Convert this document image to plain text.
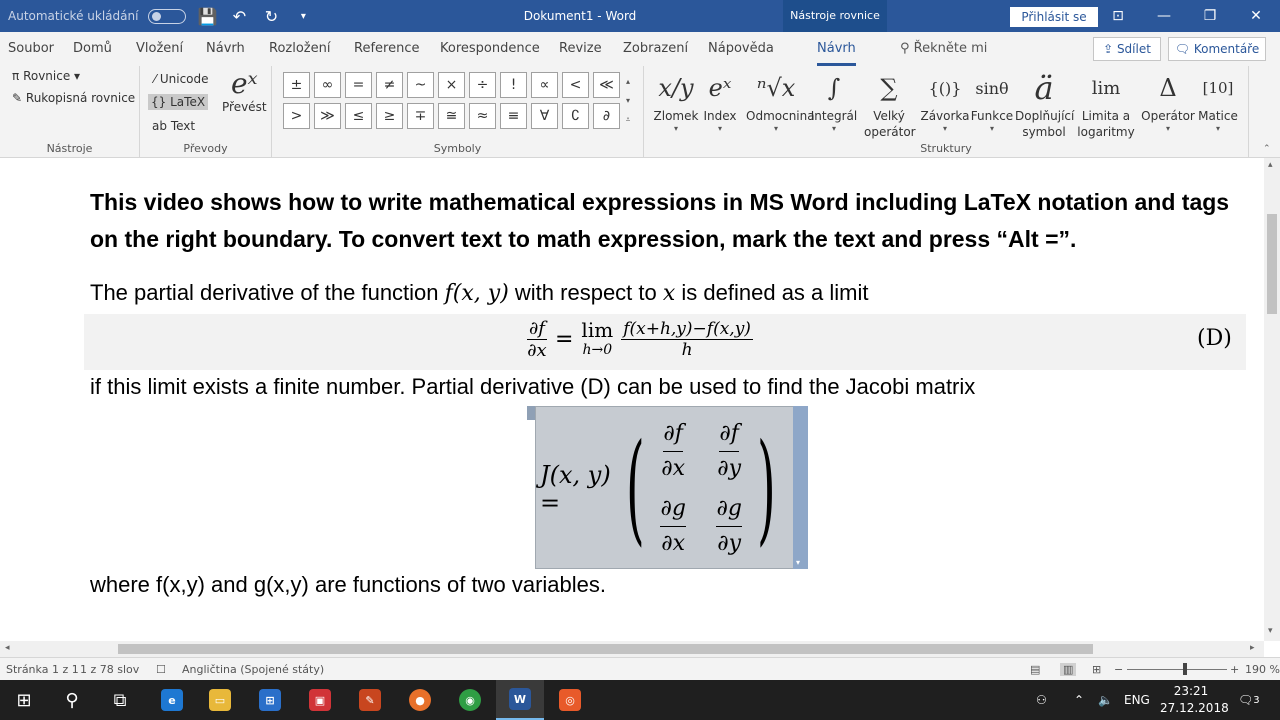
Automatické ukládání	💾 ↶ ↻	▾	Dokument1 - Word	Nástroje rovnice	Přihlásit se	⊡	—	❐	✕
Soubor Domů Vložení Návrh Rozložení Reference Korespondence Revize Zobrazení Nápověda	Návrh	⚲ Řekněte mi	⇪ Sdílet	🗨 Komentáře
π Rovnice ▾
✎ Rukopisná rovnice
Nástroje
⁄ Unicode
{} LaTeX
ab Text
eˣ
Převést
Převody	Symboly
±	∞	=	≠	~	×	÷	!	∝	<	≪
>	≫	≤	≥	∓	≅	≈	≡	∀	∁	∂
▴
▾
⩡
Struktury
x/y
Zlomek
▾
eˣ
Index
▾
ⁿ√x
Odmocnina
▾
∫
Integrál
▾
∑
Velký operátor
{()}
Závorka
▾
sinθ
Funkce
▾
ä
Doplňující symbol
lim
Limita a logaritmy
Δ
Operátor
▾
[10]
Matice
▾
⌃
This video shows how to write mathematical expressions in MS Word including LaTeX notation and tags on the right boundary. To convert text to math expression, mark the text and press “Alt =”.
The partial derivative of the function f(x, y) with respect to x is defined as a limit
$\frac{\partial f}{\partial x} = \lim$
$h\to 0 \frac{f(x+h,y)-f(x,y)}{h}$	(D)
if this limit exists a finite number. Partial derivative (D) can be used to find the Jacobi matrix
J(x, y) = ( $\frac{\partial f}{\partial x} \frac{\partial f}{\partial y}$
$\frac{\partial g}{\partial x} \frac{\partial g}{\partial y}$ )
▾
where f(x,y) and g(x,y) are functions of two variables.
▴
▾
◂	▸
Stránka 1 z 1 1 z 78 slov ☐ Angličtina (Spojené státy)	▤ ▥ ⊞ −	+ 190 %
⊞	⚲	⧉	e	▭	⊞	▣	✎	●	◉	W	◎	⚇ ⌃ 🔈 ENG
23:21
27.12.2018
🗨 3
